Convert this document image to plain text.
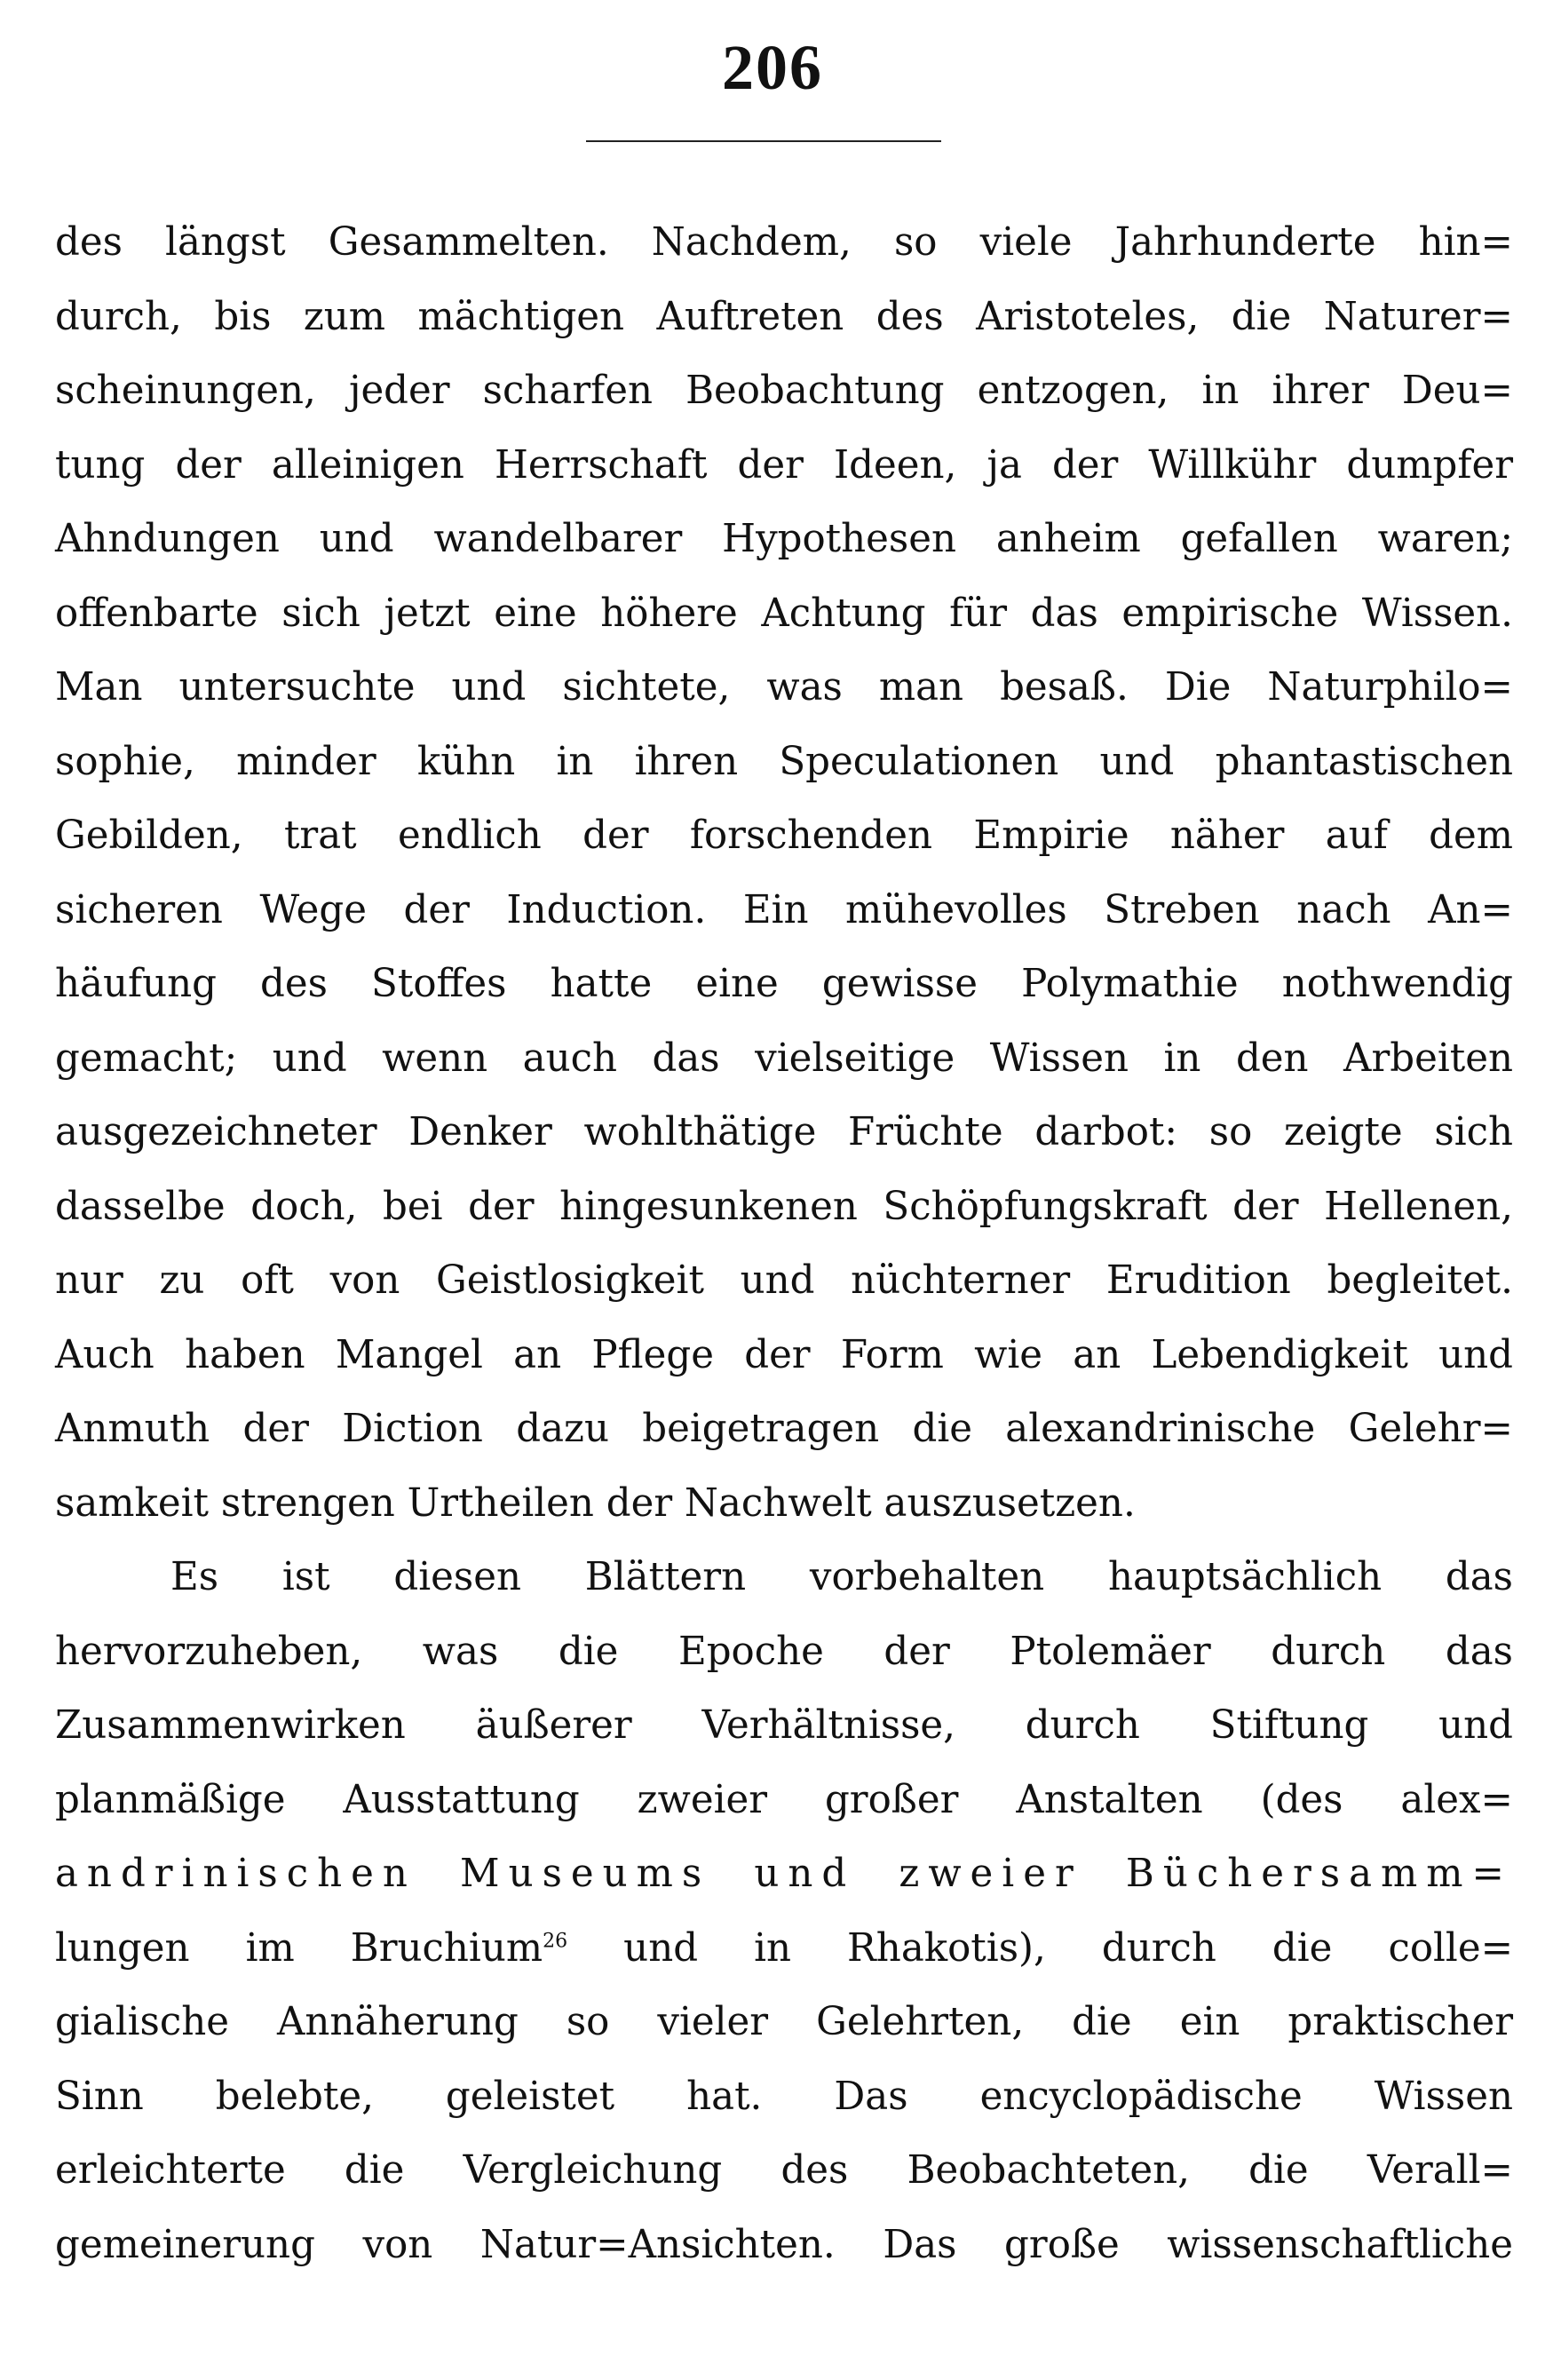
206
des längst Gesammelten. Nachdem, so viele Jahrhunderte hin=
durch, bis zum mächtigen Auftreten des Aristoteles, die Naturer=
scheinungen, jeder scharfen Beobachtung entzogen, in ihrer Deu=
tung der alleinigen Herrschaft der Ideen, ja der Willkühr dumpfer
Ahndungen und wandelbarer Hypothesen anheim gefallen waren;
offenbarte sich jetzt eine höhere Achtung für das empirische Wissen.
Man untersuchte und sichtete, was man besaß. Die Naturphilo=
sophie, minder kühn in ihren Speculationen und phantastischen
Gebilden, trat endlich der forschenden Empirie näher auf dem
sicheren Wege der Induction. Ein mühevolles Streben nach An=
häufung des Stoffes hatte eine gewisse Polymathie nothwendig
gemacht; und wenn auch das vielseitige Wissen in den Arbeiten
ausgezeichneter Denker wohlthätige Früchte darbot: so zeigte sich
dasselbe doch, bei der hingesunkenen Schöpfungskraft der Hellenen,
nur zu oft von Geistlosigkeit und nüchterner Erudition begleitet.
Auch haben Mangel an Pflege der Form wie an Lebendigkeit und
Anmuth der Diction dazu beigetragen die alexandrinische Gelehr=
samkeit strengen Urtheilen der Nachwelt auszusetzen.
Es ist diesen Blättern vorbehalten hauptsächlich das
hervorzuheben, was die Epoche der Ptolemäer durch das
Zusammenwirken äußerer Verhältnisse, durch Stiftung und
planmäßige Ausstattung zweier großer Anstalten (des alex=
andrinischen Museums und zweier Büchersamm=
lungen im Bruchium$^{26}$ und in Rhakotis), durch die colle=
gialische Annäherung so vieler Gelehrten, die ein praktischer
Sinn belebte, geleistet hat. Das encyclopädische Wissen
erleichterte die Vergleichung des Beobachteten, die Verall=
gemeinerung von Natur=Ansichten. Das große wissenschaftliche
